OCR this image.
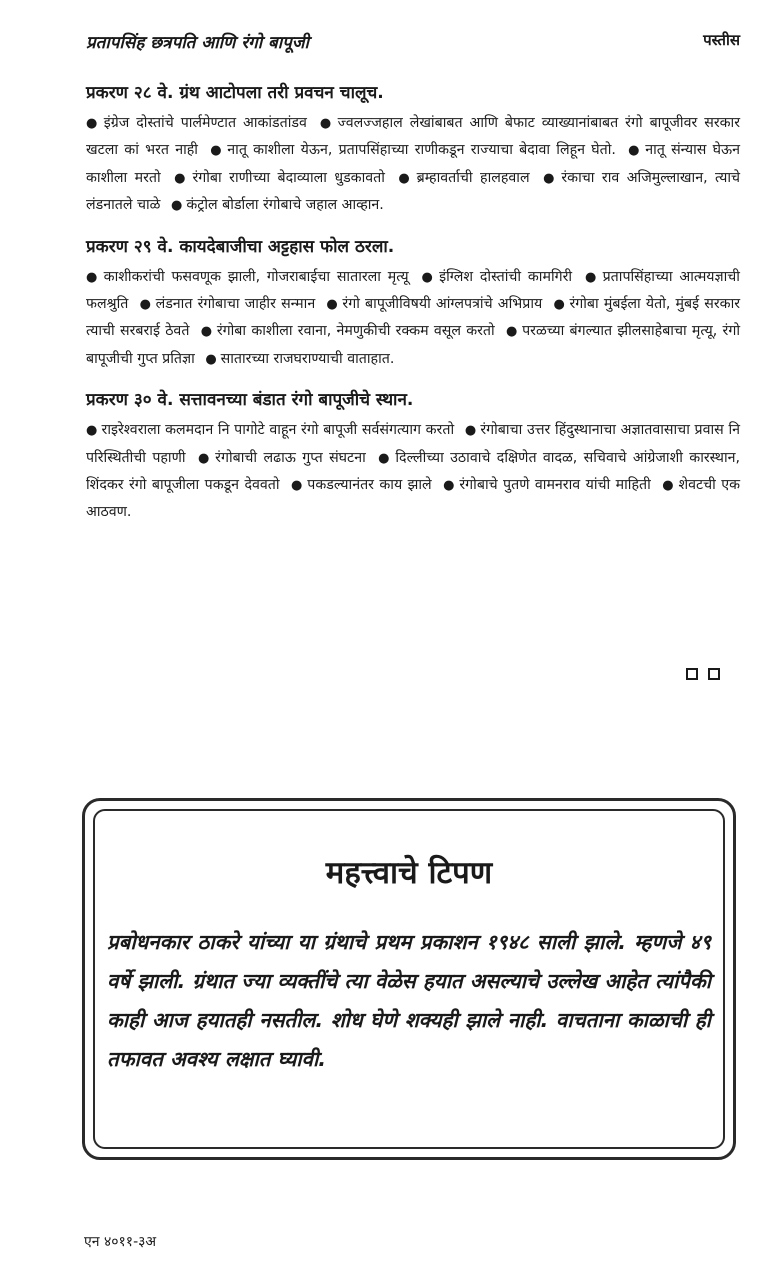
प्रतापसिंह छत्रपति आणि रंगो बापूजी	पस्तीस
प्रकरण २८ वे. ग्रंथ आटोपला तरी प्रवचन चालूच.
● इंग्रेज दोस्तांचे पार्लमेण्टात आकांडतांडव ● ज्वलज्जहाल लेखांबाबत आणि बेफाट व्याख्यानांबाबत रंगो बापूजीवर सरकार खटला कां भरत नाही ● नातू काशीला येऊन, प्रतापसिंहाच्या राणीकडून राज्याचा बेदावा लिहून घेतो. ● नातू संन्यास घेऊन काशीला मरतो ● रंगोबा राणीच्या बेदाव्याला धुडकावतो ● ब्रम्हावर्ताची हालहवाल ● रंकाचा राव अजिमुल्लाखान, त्याचे लंडनातले चाळे ● कंट्रोल बोर्डाला रंगोबाचे जहाल आव्हान.
प्रकरण २९ वे. कायदेबाजीचा अट्टहास फोल ठरला.
● काशीकरांची फसवणूक झाली, गोजराबाईचा सातारला मृत्यू ● इंग्लिश दोस्तांची कामगिरी ● प्रतापसिंहाच्या आत्मयज्ञाची फलश्रुति ● लंडनात रंगोबाचा जाहीर सन्मान ● रंगो बापूजीविषयी आंग्लपत्रांचे अभिप्राय ● रंगोबा मुंबईला येतो, मुंबई सरकार त्याची सरबराई ठेवते ● रंगोबा काशीला रवाना, नेमणुकीची रक्कम वसूल करतो ● परळच्या बंगल्यात झीलसाहेबाचा मृत्यू, रंगो बापूजीची गुप्त प्रतिज्ञा ● सातारच्या राजघराण्याची वाताहात.
प्रकरण ३० वे. सत्तावनच्या बंडात रंगो बापूजीचे स्थान.
● राइरेश्वराला कलमदान नि पागोटे वाहून रंगो बापूजी सर्वसंगत्याग करतो ● रंगोबाचा उत्तर हिंदुस्थानाचा अज्ञातवासाचा प्रवास नि परिस्थितीची पहाणी ● रंगोबाची लढाऊ गुप्त संघटना ● दिल्लीच्या उठावाचे दक्षिणेत वादळ, सचिवाचे आंग्रेजाशी कारस्थान, शिंदकर रंगो बापूजीला पकडून देववतो ● पकडल्यानंतर काय झाले ● रंगोबाचे पुतणे वामनराव यांची माहिती ● शेवटची एक आठवण.
महत्त्वाचे टिपण
प्रबोधनकार ठाकरे यांच्या या ग्रंथाचे प्रथम प्रकाशन १९४८ साली झाले. म्हणजे ४९ वर्षे झाली. ग्रंथात ज्या व्यक्तींचे त्या वेळेस हयात असल्याचे उल्लेख आहेत त्यांपैकी काही आज हयातही नसतील. शोध घेणे शक्यही झाले नाही. वाचताना काळाची ही तफावत अवश्य लक्षात घ्यावी.
एन ४०११-३अ
